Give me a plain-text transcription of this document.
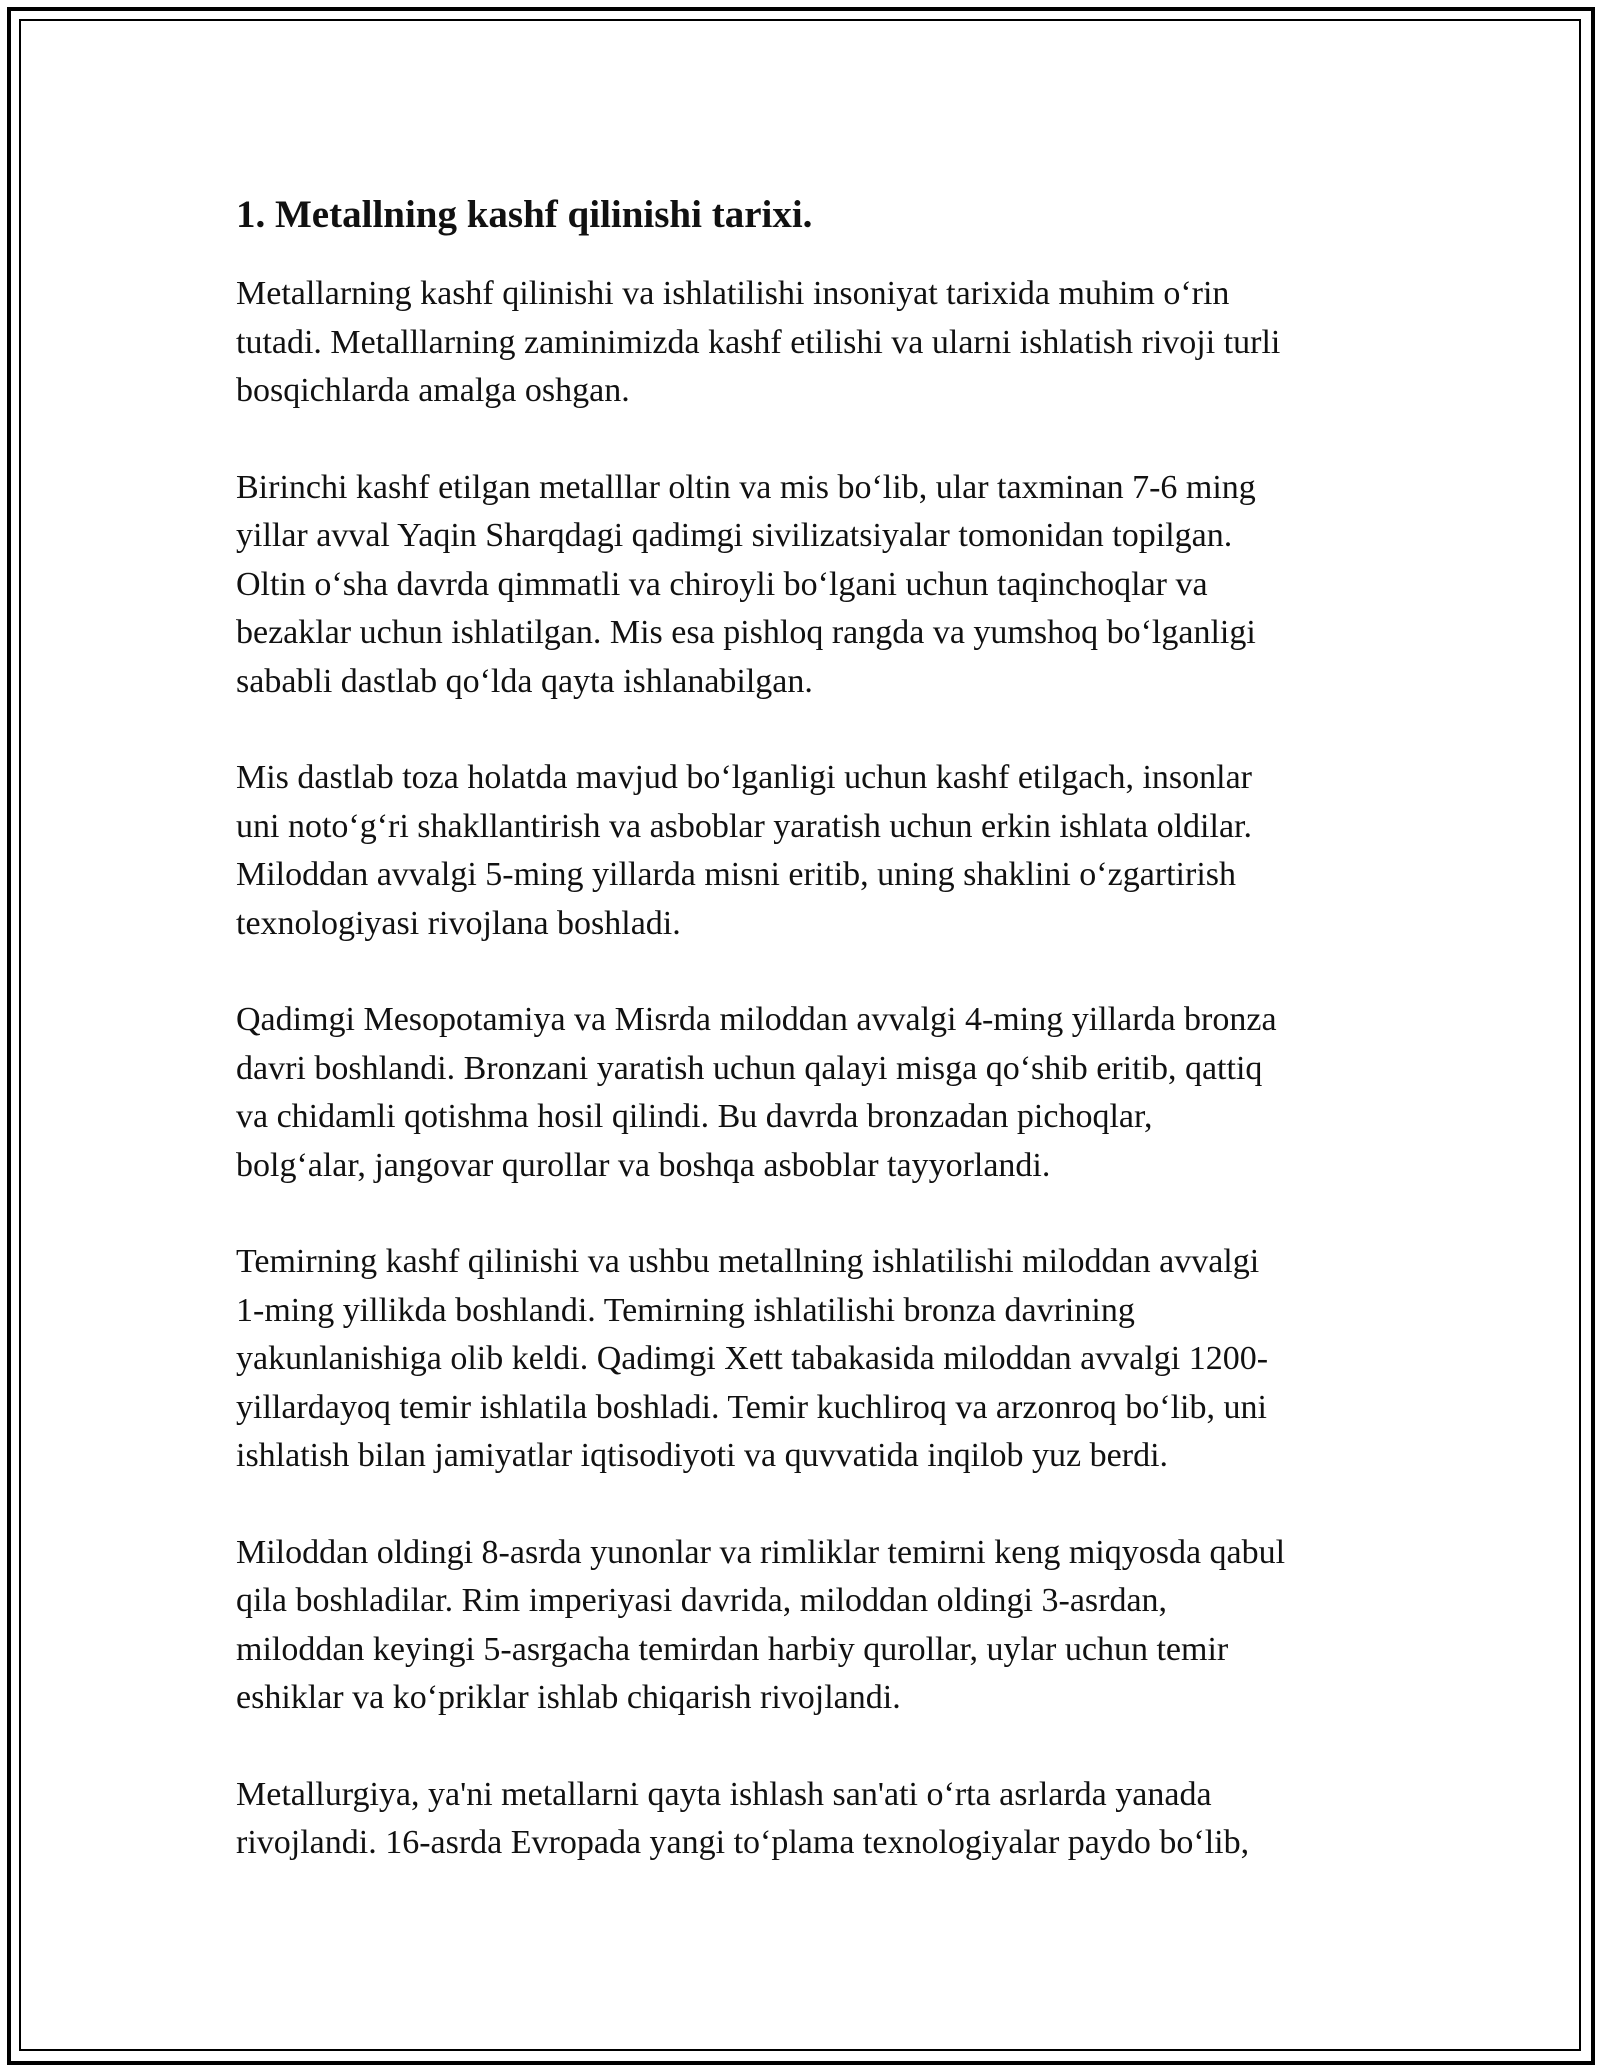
1. Metallning kashf qilinishi tarixi.
Metallarning kashf qilinishi va ishlatilishi insoniyat tarixida muhim o‘rin
tutadi. Metalllarning zaminimizda kashf etilishi va ularni ishlatish rivoji turli
bosqichlarda amalga oshgan.
Birinchi kashf etilgan metalllar oltin va mis bo‘lib, ular taxminan 7-6 ming
yillar avval Yaqin Sharqdagi qadimgi sivilizatsiyalar tomonidan topilgan.
Oltin o‘sha davrda qimmatli va chiroyli bo‘lgani uchun taqinchoqlar va
bezaklar uchun ishlatilgan. Mis esa pishloq rangda va yumshoq bo‘lganligi
sababli dastlab qo‘lda qayta ishlanabilgan.
Mis dastlab toza holatda mavjud bo‘lganligi uchun kashf etilgach, insonlar
uni noto‘g‘ri shakllantirish va asboblar yaratish uchun erkin ishlata oldilar.
Miloddan avvalgi 5-ming yillarda misni eritib, uning shaklini o‘zgartirish
texnologiyasi rivojlana boshladi.
Qadimgi Mesopotamiya va Misrda miloddan avvalgi 4-ming yillarda bronza
davri boshlandi. Bronzani yaratish uchun qalayi misga qo‘shib eritib, qattiq
va chidamli qotishma hosil qilindi. Bu davrda bronzadan pichoqlar,
bolg‘alar, jangovar qurollar va boshqa asboblar tayyorlandi.
Temirning kashf qilinishi va ushbu metallning ishlatilishi miloddan avvalgi
1-ming yillikda boshlandi. Temirning ishlatilishi bronza davrining
yakunlanishiga olib keldi. Qadimgi Xett tabakasida miloddan avvalgi 1200-
yillardayoq temir ishlatila boshladi. Temir kuchliroq va arzonroq bo‘lib, uni
ishlatish bilan jamiyatlar iqtisodiyoti va quvvatida inqilob yuz berdi.
Miloddan oldingi 8-asrda yunonlar va rimliklar temirni keng miqyosda qabul
qila boshladilar. Rim imperiyasi davrida, miloddan oldingi 3-asrdan,
miloddan keyingi 5-asrgacha temirdan harbiy qurollar, uylar uchun temir
eshiklar va ko‘priklar ishlab chiqarish rivojlandi.
Metallurgiya, ya'ni metallarni qayta ishlash san'ati o‘rta asrlarda yanada
rivojlandi. 16-asrda Evropada yangi to‘plama texnologiyalar paydo bo‘lib,
